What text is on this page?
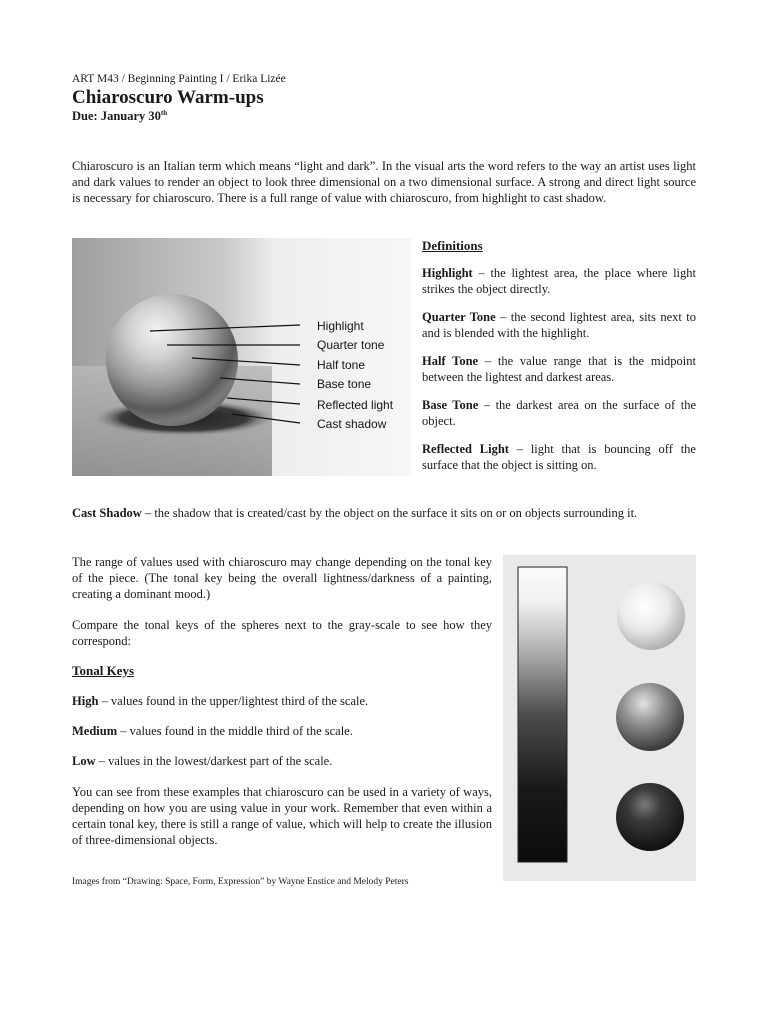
ART M43 / Beginning Painting I / Erika Lizée
Chiaroscuro Warm-ups
Due: January 30th

Chiaroscuro is an Italian term which means “light and dark”. In the visual arts the word refers to the way an artist uses light and dark values to render an object to look three dimensional on a two dimensional surface. A strong and direct light source is necessary for chiaroscuro. There is a full range of value with chiaroscuro, from highlight to cast shadow.

Highlight
Quarter tone
Half tone
Base tone
Reflected light
Cast shadow

Definitions

Highlight – the lightest area, the place where light strikes the object directly.

Quarter Tone – the second lightest area, sits next to and is blended with the highlight.

Half Tone – the value range that is the midpoint between the lightest and darkest areas.

Base Tone – the darkest area on the surface of the object.

Reflected Light – light that is bouncing off the surface that the object is sitting on.

Cast Shadow – the shadow that is created/cast by the object on the surface it sits on or on objects surrounding it.

The range of values used with chiaroscuro may change depending on the tonal key of the piece. (The tonal key being the overall lightness/darkness of a painting, creating a dominant mood.)

Compare the tonal keys of the spheres next to the gray-scale to see how they correspond:

Tonal Keys

High – values found in the upper/lightest third of the scale.

Medium – values found in the middle third of the scale.

Low – values in the lowest/darkest part of the scale.

You can see from these examples that chiaroscuro can be used in a variety of ways, depending on how you are using value in your work. Remember that even within a certain tonal key, there is still a range of value, which will help to create the illusion of three-dimensional objects.

Images from “Drawing: Space, Form, Expression” by Wayne Enstice and Melody Peters
